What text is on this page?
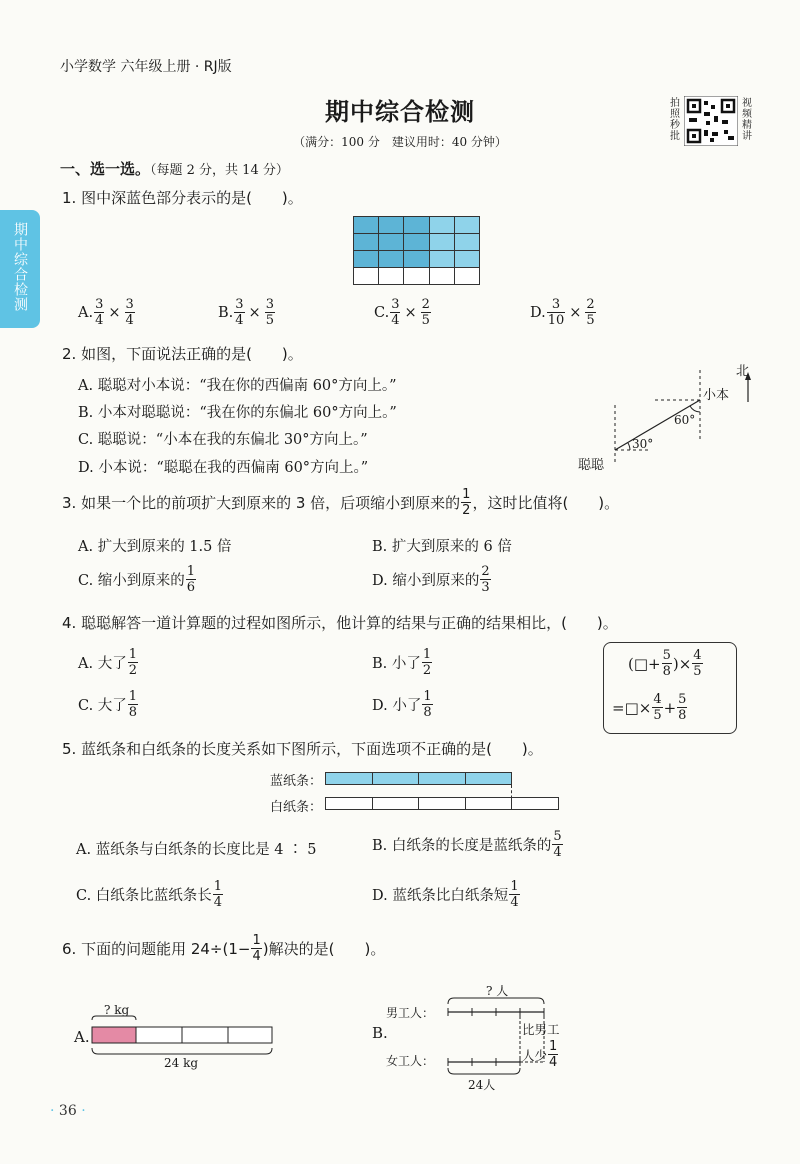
小学数学 六年级上册 · RJ版
期中综合检测
（满分：100 分　建议用时：40 分钟）
拍照秒批
视频精讲
期中综合检测
一、选一选。（每题 2 分，共 14 分）
1. 图中深蓝色部分表示的是(　　)。
A. $\frac{3}{4} \times \frac{3}{4}$	B. $\frac{3}{4} \times \frac{3}{5}$	C. $\frac{3}{4} \times \frac{2}{5}$	D. $\frac{3}{10} \times \frac{2}{5}$
2. 如图，下面说法正确的是(　　)。
A. 聪聪对小本说：“我在你的西偏南 60°方向上。”
B. 小本对聪聪说：“我在你的东偏北 60°方向上。”
C. 聪聪说：“小本在我的东偏北 30°方向上。”
D. 小本说：“聪聪在我的西偏南 60°方向上。”
北
小本
聪聪
60°
30°
3. 如果一个比的前项扩大到原来的 3 倍，后项缩小到原来的 1
2 ，这时比值将(　　)。
A. 扩大到原来的 1.5 倍	B. 扩大到原来的 6 倍
C. 缩小到原来的
1
6	D. 缩小到原来的
2
3
4. 聪聪解答一道计算题的过程如图所示，他计算的结果与正确的结果相比，(　　)。
A. 大了
1
2	B. 小了
1
2
C. 大了
1
8	D. 小了
1
8
(□+ $\frac{5}{8}$ )× $\frac{4}{5}$
=□× $\frac{4}{5} + \frac{5}{8}$
5. 蓝纸条和白纸条的长度关系如下图所示，下面选项不正确的是(　　)。
蓝纸条：
白纸条：
A. 蓝纸条与白纸条的长度比是 4 ∶ 5	B. 白纸条的长度是蓝纸条的
5
4
C. 白纸条比蓝纸条长
1
4	D. 蓝纸条比白纸条短
1
4
6. 下面的问题能用 $24\div (1- \frac{1}{4}$ ) 解决的是(　　)。
A.
? kg
24 kg
B.
男工人：
女工人：
? 人
比男工
人少
1
4
24人
· 36 ·
